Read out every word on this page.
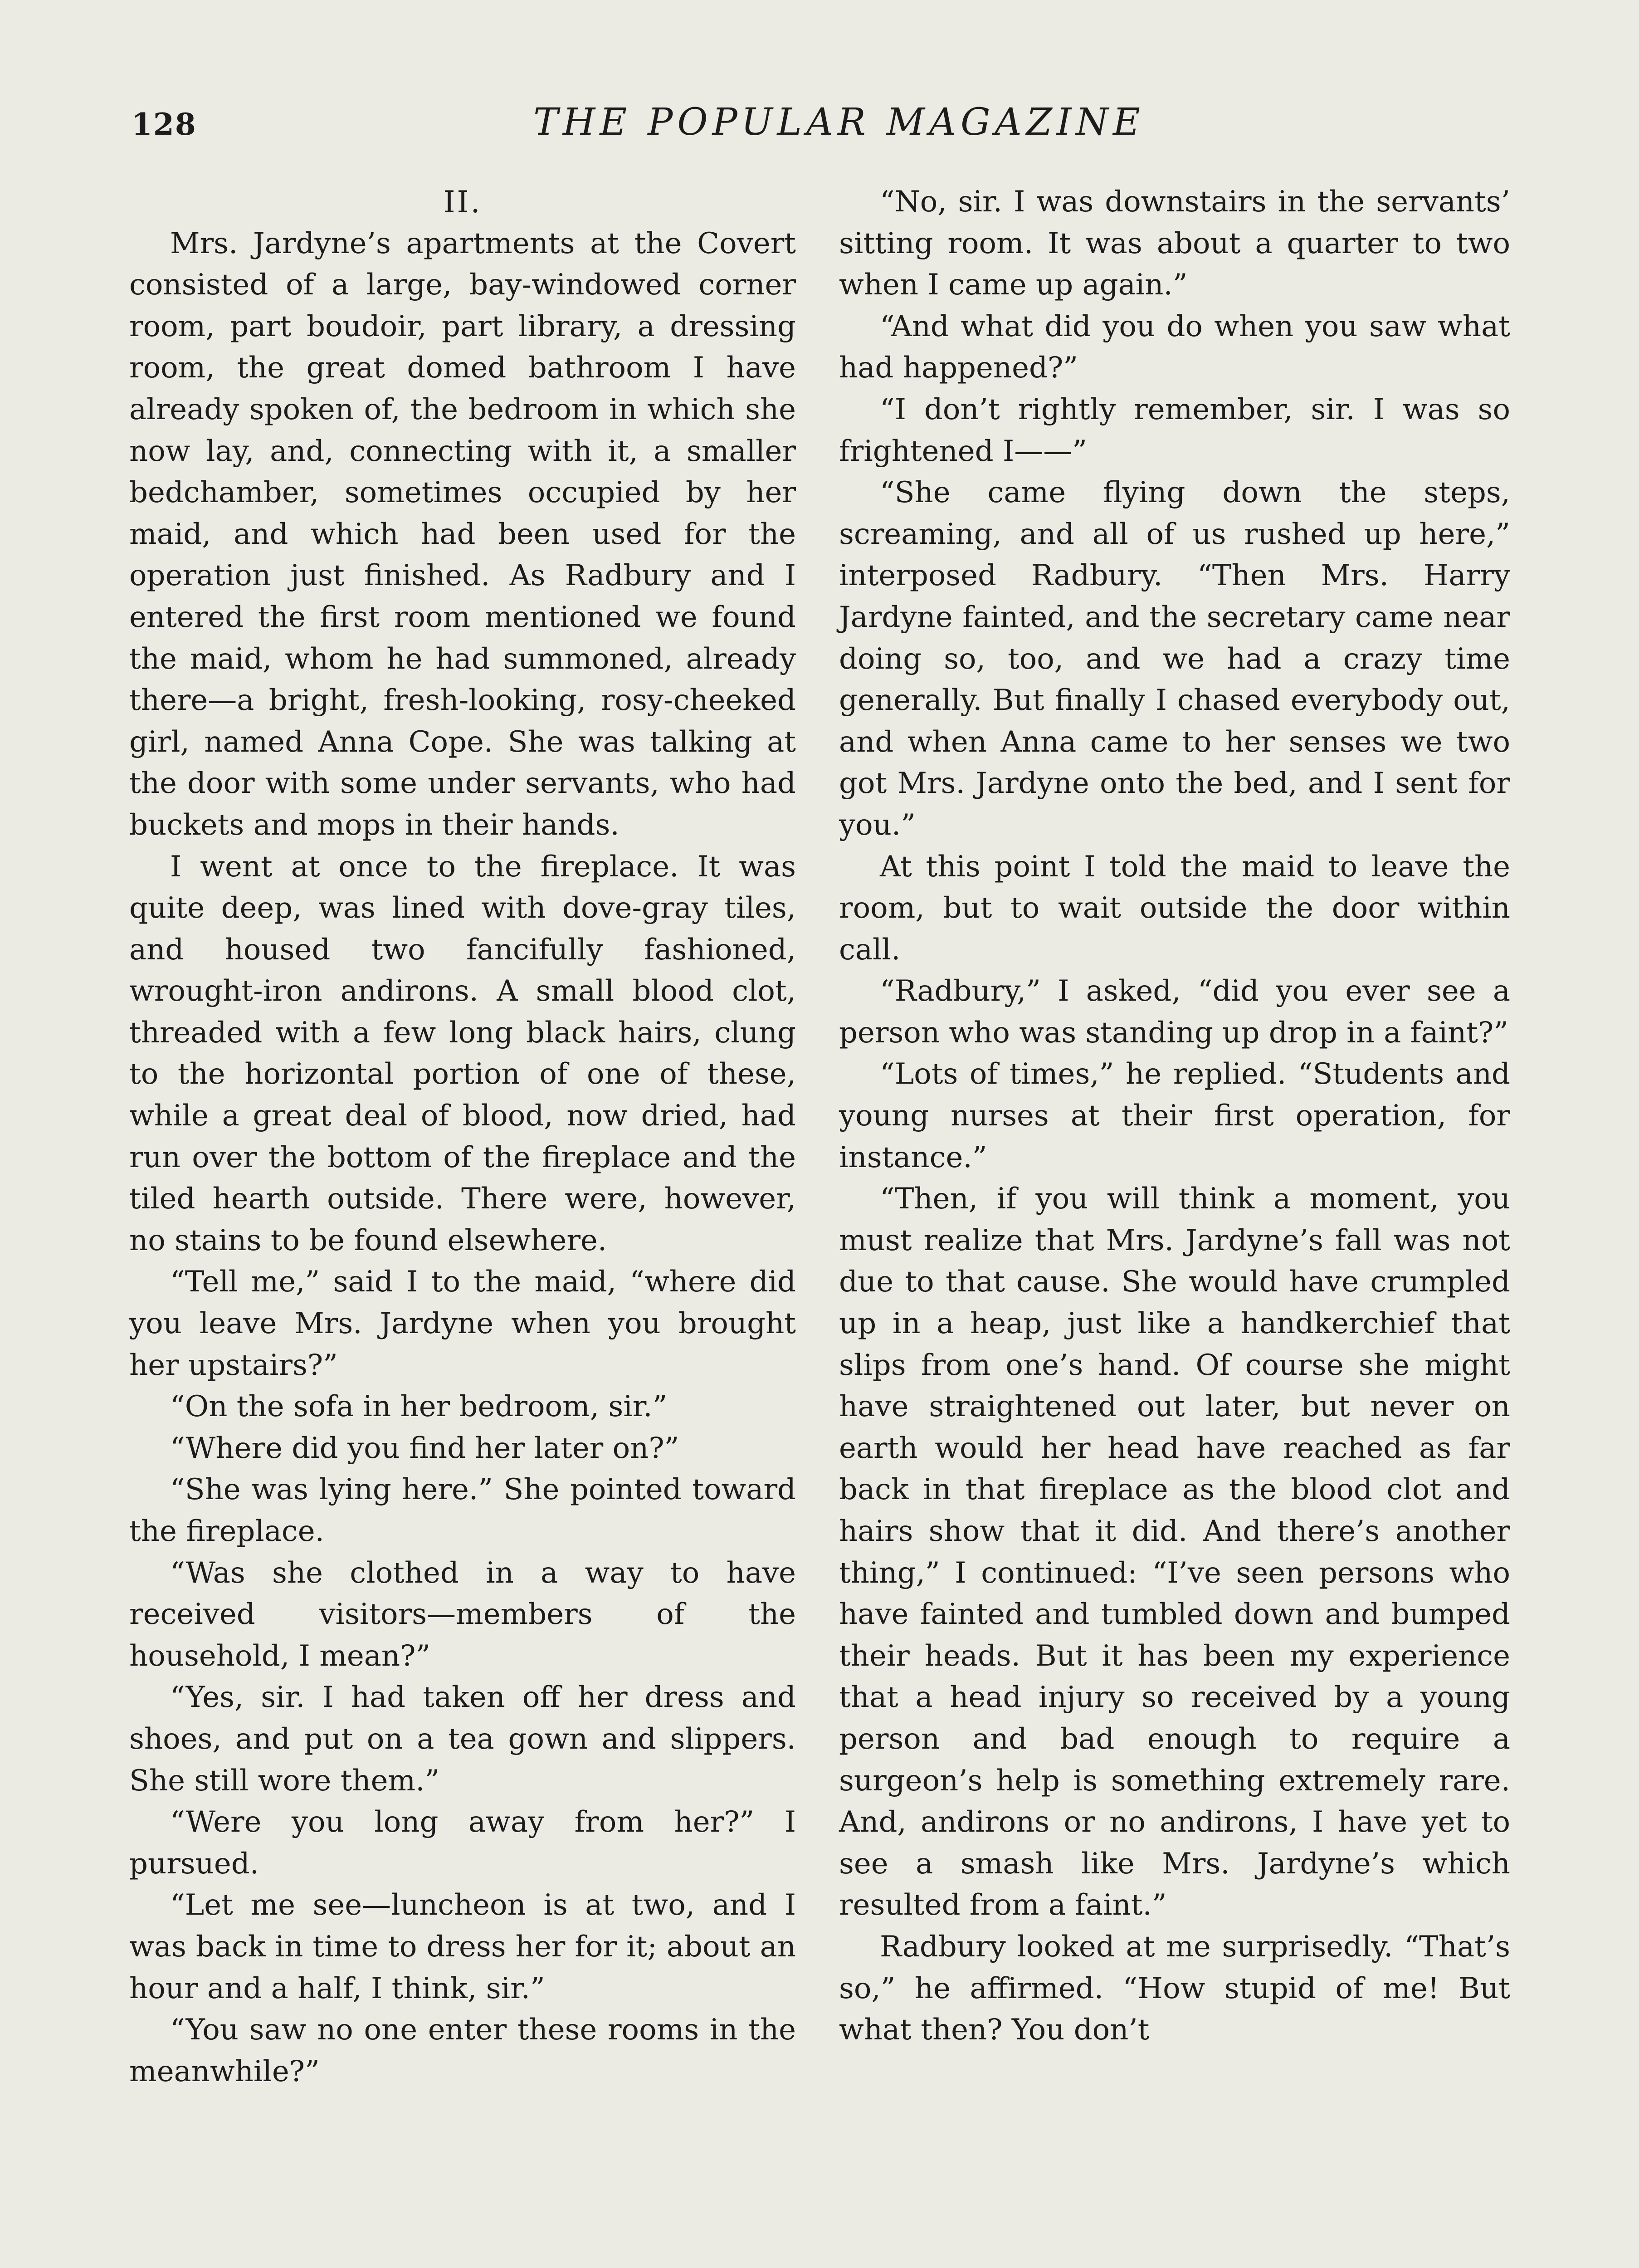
128	THE POPULAR MAGAZINE
II.

Mrs. Jardyne’s apartments at the Covert consisted of a large, bay-windowed corner room, part boudoir, part library, a dressing room, the great domed bathroom I have already spoken of, the bedroom in which she now lay, and, connecting with it, a smaller bedchamber, sometimes occupied by her maid, and which had been used for the operation just finished. As Radbury and I entered the first room mentioned we found the maid, whom he had summoned, already there—a bright, fresh-looking, rosy-cheeked girl, named Anna Cope. She was talking at the door with some under servants, who had buckets and mops in their hands.

I went at once to the fireplace. It was quite deep, was lined with dove-gray tiles, and housed two fancifully fashioned, wrought-iron andirons. A small blood clot, threaded with a few long black hairs, clung to the horizontal portion of one of these, while a great deal of blood, now dried, had run over the bottom of the fireplace and the tiled hearth outside. There were, however, no stains to be found elsewhere.

“Tell me,” said I to the maid, “where did you leave Mrs. Jardyne when you brought her upstairs?”

“On the sofa in her bedroom, sir.”

“Where did you find her later on?”

“She was lying here.” She pointed toward the fireplace.

“Was she clothed in a way to have received visitors—members of the household, I mean?”

“Yes, sir. I had taken off her dress and shoes, and put on a tea gown and slippers. She still wore them.”

“Were you long away from her?” I pursued.

“Let me see—luncheon is at two, and I was back in time to dress her for it; about an hour and a half, I think, sir.”

“You saw no one enter these rooms in the meanwhile?”

“No, sir. I was downstairs in the servants’ sitting room. It was about a quarter to two when I came up again.”

“And what did you do when you saw what had happened?”

“I don’t rightly remember, sir. I was so frightened I——”

“She came flying down the steps, screaming, and all of us rushed up here,” interposed Radbury. “Then Mrs. Harry Jardyne fainted, and the secretary came near doing so, too, and we had a crazy time generally. But finally I chased everybody out, and when Anna came to her senses we two got Mrs. Jardyne onto the bed, and I sent for you.”

At this point I told the maid to leave the room, but to wait outside the door within call.

“Radbury,” I asked, “did you ever see a person who was standing up drop in a faint?”

“Lots of times,” he replied. “Students and young nurses at their first operation, for instance.”

“Then, if you will think a moment, you must realize that Mrs. Jardyne’s fall was not due to that cause. She would have crumpled up in a heap, just like a handkerchief that slips from one’s hand. Of course she might have straightened out later, but never on earth would her head have reached as far back in that fireplace as the blood clot and hairs show that it did. And there’s another thing,” I continued: “I’ve seen persons who have fainted and tumbled down and bumped their heads. But it has been my experience that a head injury so received by a young person and bad enough to require a surgeon’s help is something extremely rare. And, andirons or no andirons, I have yet to see a smash like Mrs. Jardyne’s which resulted from a faint.”

Radbury looked at me surprisedly. “That’s so,” he affirmed. “How stupid of me! But what then? You don’t
